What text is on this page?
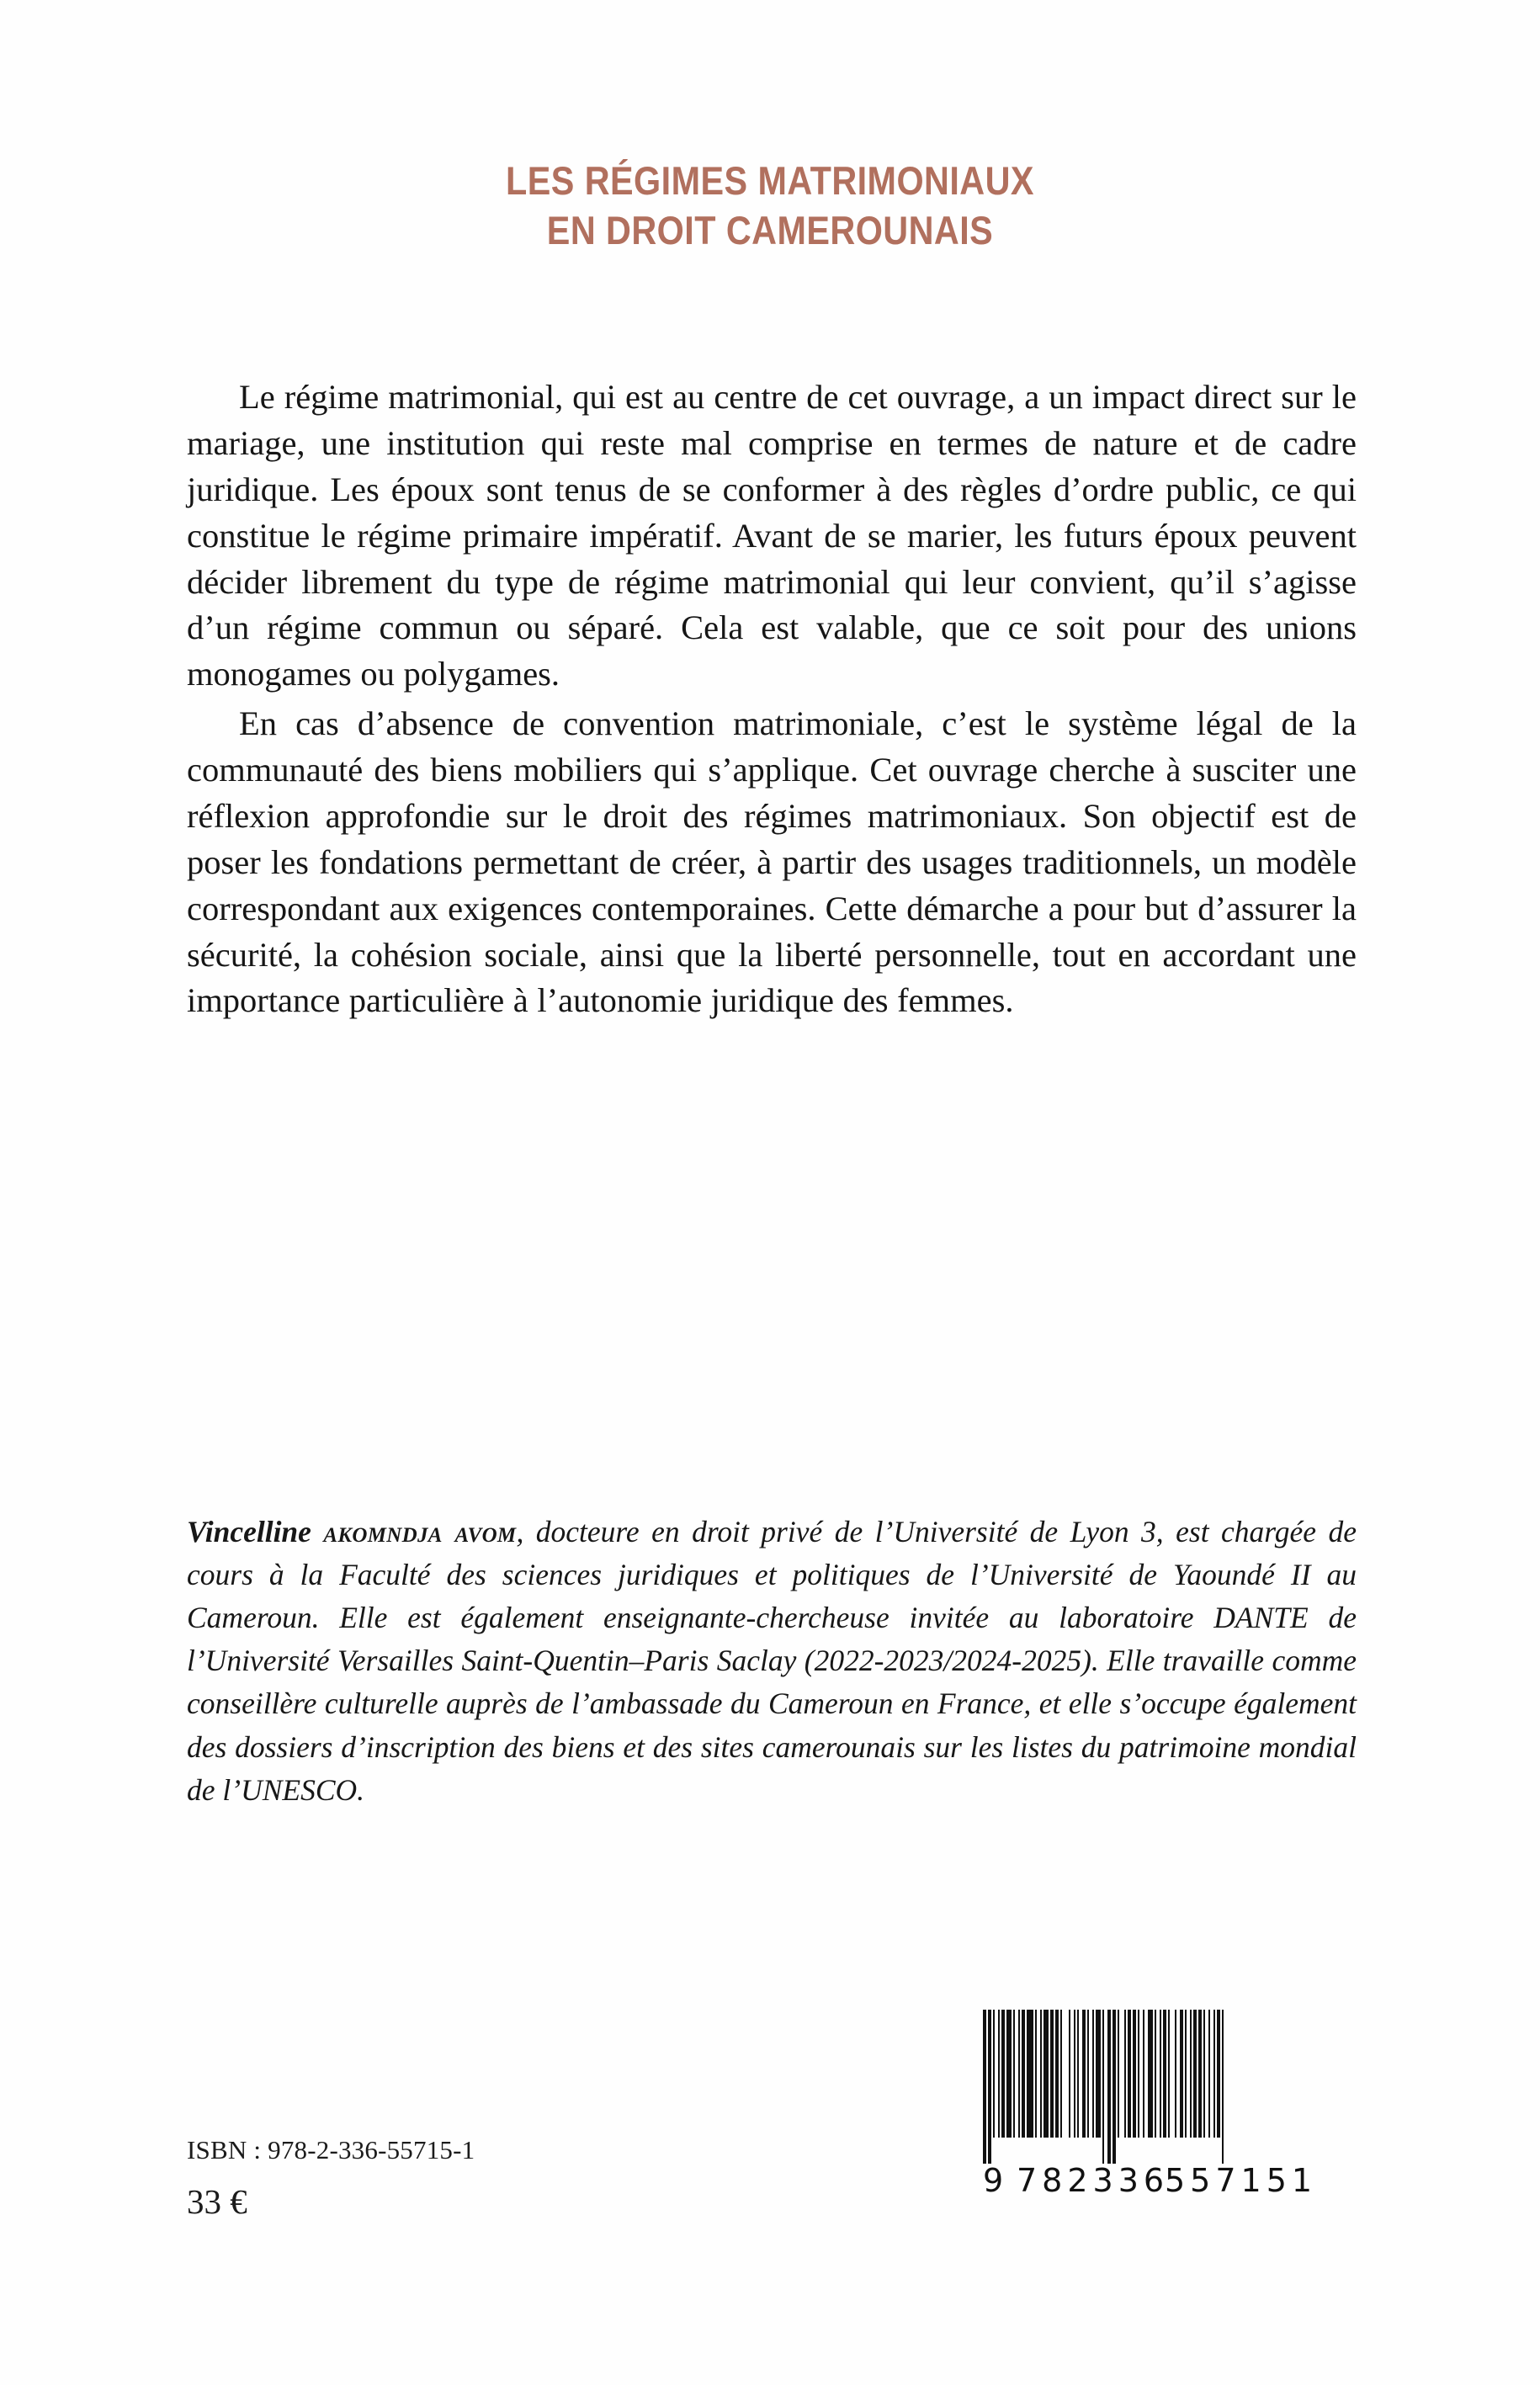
LES RÉGIMES MATRIMONIAUX
EN DROIT CAMEROUNAIS

Le régime matrimonial, qui est au centre de cet ouvrage, a un impact direct sur le mariage, une institution qui reste mal comprise en termes de nature et de cadre juridique. Les époux sont tenus de se conformer à des règles d’ordre public, ce qui constitue le régime primaire impératif. Avant de se marier, les futurs époux peuvent décider librement du type de régime matrimonial qui leur convient, qu’il s’agisse d’un régime commun ou séparé. Cela est valable, que ce soit pour des unions monogames ou polygames.

En cas d’absence de convention matrimoniale, c’est le système légal de la communauté des biens mobiliers qui s’applique. Cet ouvrage cherche à susciter une réflexion approfondie sur le droit des régimes matrimoniaux. Son objectif est de poser les fondations permettant de créer, à partir des usages traditionnels, un modèle correspondant aux exigences contemporaines. Cette démarche a pour but d’assurer la sécurité, la cohésion sociale, ainsi que la liberté personnelle, tout en accordant une importance particulière à l’autonomie juridique des femmes.

Vincelline akomndja avom, docteure en droit privé de l’Université de Lyon 3, est chargée de cours à la Faculté des sciences juridiques et politiques de l’Université de Yaoundé II au Cameroun. Elle est également enseignante-chercheuse invitée au laboratoire DANTE de l’Université Versailles Saint-Quentin–Paris Saclay (2022-2023/2024-2025). Elle travaille comme conseillère culturelle auprès de l’ambassade du Cameroun en France, et elle s’occupe également des dossiers d’inscription des biens et des sites camerounais sur les listes du patrimoine mondial de l’UNESCO.
ISBN : 978-2-336-55715-1
33 €
9 782336
557151
